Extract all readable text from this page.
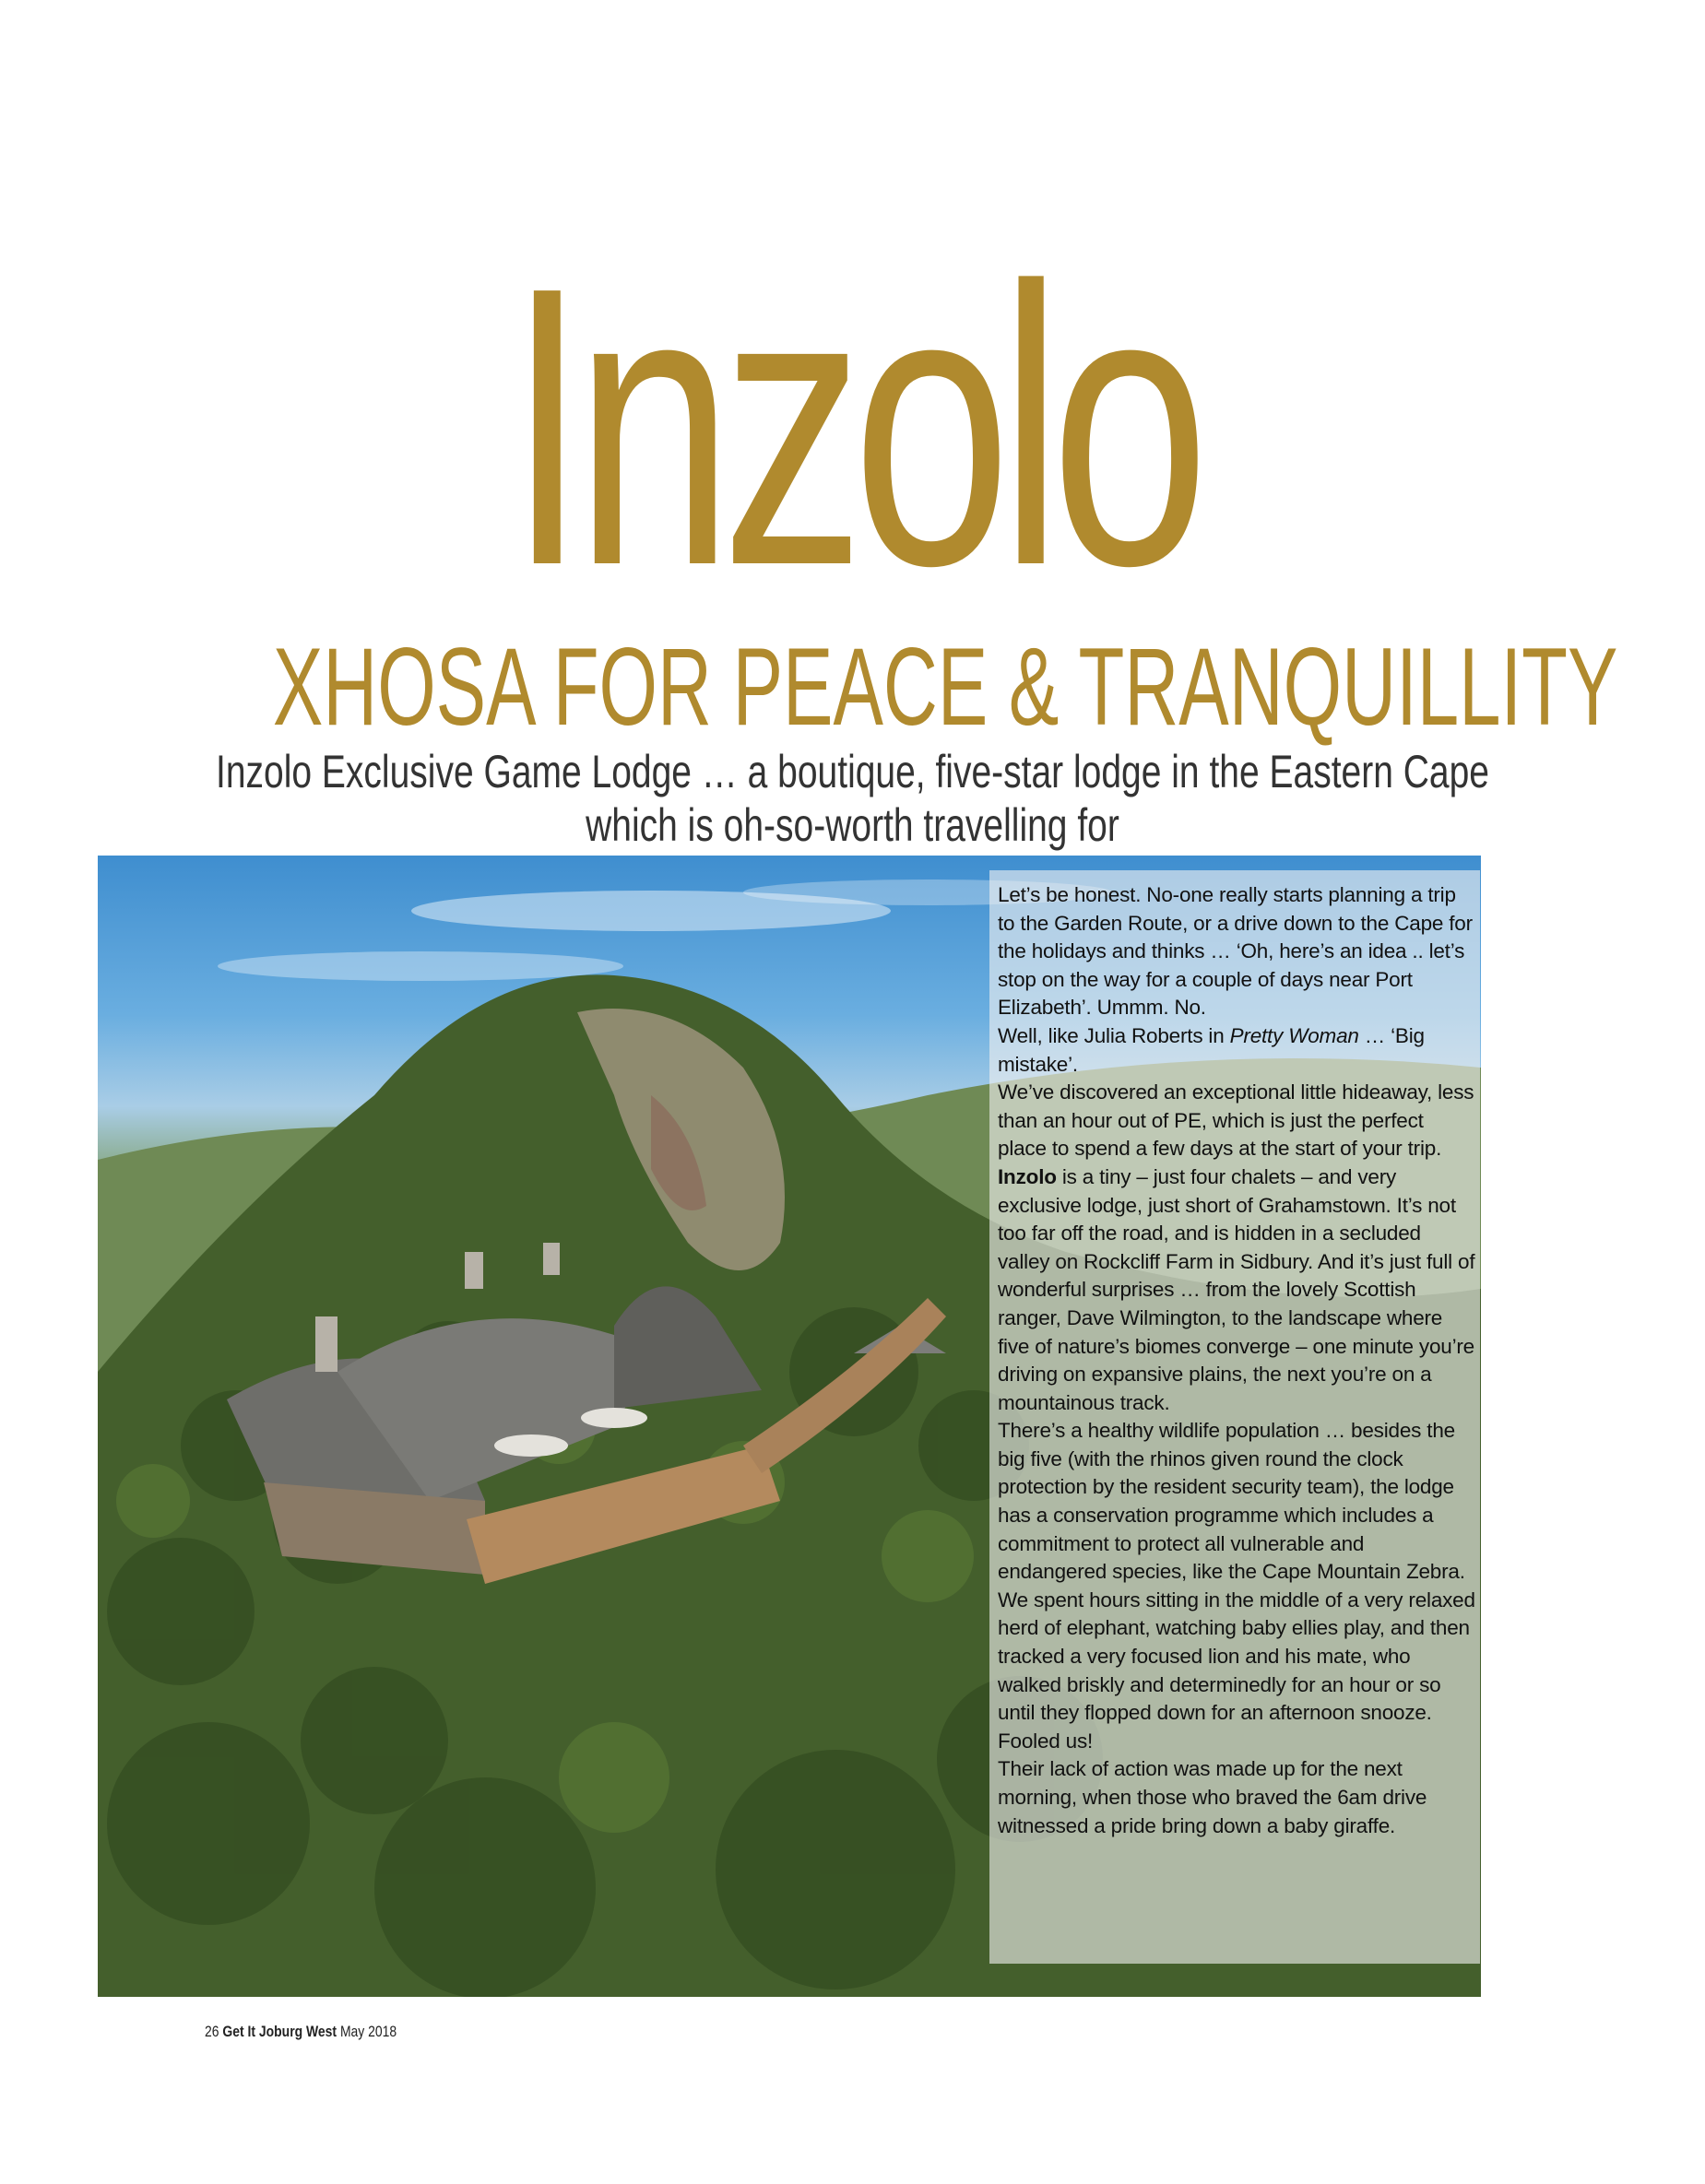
Inzolo
XHOSA FOR PEACE & TRANQUILLITY
Inzolo Exclusive Game Lodge … a boutique, five-star lodge in the Eastern Cape
which is oh-so-worth travelling for

Let’s be honest. No-one really starts planning a trip to the Garden Route, or a drive down to the Cape for the holidays and thinks … ‘Oh, here’s an idea .. let’s stop on the way for a couple of days near Port Elizabeth’. Ummm. No.

Well, like Julia Roberts in Pretty Woman … ‘Big mistake’.

We’ve discovered an exceptional little hideaway, less than an hour out of PE, which is just the perfect place to spend a few days at the start of your trip.

Inzolo is a tiny – just four chalets – and very exclusive lodge, just short of Grahamstown. It’s not too far off the road, and is hidden in a secluded valley on Rockcliff Farm in Sidbury. And it’s just full of wonderful surprises … from the lovely Scottish ranger, Dave Wilmington, to the landscape where five of nature’s biomes converge – one minute you’re driving on expansive plains, the next you’re on a mountainous track.

There’s a healthy wildlife population … besides the big five (with the rhinos given round the clock protection by the resident security team), the lodge has a conservation programme which includes a commitment to protect all vulnerable and endangered species, like the Cape Mountain Zebra.

We spent hours sitting in the middle of a very relaxed herd of elephant, watching baby ellies play, and then tracked a very focused lion and his mate, who walked briskly and determinedly for an hour or so until they flopped down for an afternoon snooze. Fooled us!

Their lack of action was made up for the next morning, when those who braved the 6am drive witnessed a pride bring down a baby giraffe.

26 Get It Joburg West May 2018
